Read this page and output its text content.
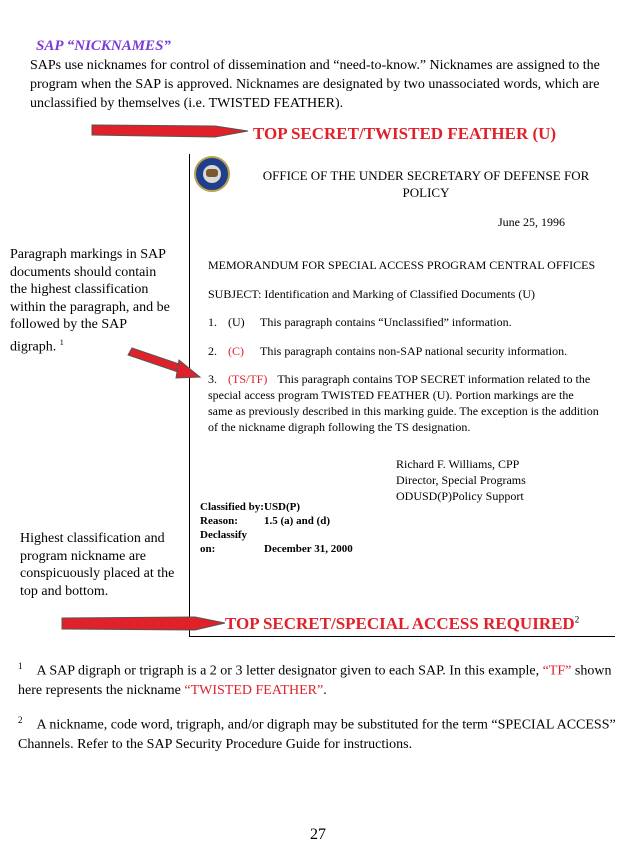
SAP “NICKNAMES”
SAPs use nicknames for control of dissemination and “need-to-know.” Nicknames are assigned to the program when the SAP is approved. Nicknames are designated by two unassociated words, which are unclassified by themselves (i.e. TWISTED FEATHER).
TOP SECRET/TWISTED FEATHER (U)
OFFICE OF THE UNDER SECRETARY OF DEFENSE FOR POLICY
June 25, 1996
MEMORANDUM FOR SPECIAL ACCESS PROGRAM CENTRAL OFFICES
SUBJECT: Identification and Marking of Classified Documents (U)
1. (U) This paragraph contains “Unclassified” information.
2. (C) This paragraph contains non-SAP national security information.
3. (TS/TF) This paragraph contains TOP SECRET information related to the special access program TWISTED FEATHER (U). Portion markings are the same as previously described in this marking guide. The exception is the addition of the nickname digraph following the TS designation.
Richard F. Williams, CPP
Director, Special Programs
ODUSD(P)Policy Support
Classified by:USD(P)
Reason: 1.5 (a) and (d)
Declassify on:	December 31, 2000
TOP SECRET/SPECIAL ACCESS REQUIRED$^2$
Paragraph markings in SAP documents should contain the highest classification within the paragraph, and be followed by the SAP digraph. $^1$
Highest classification and program nickname are conspicuously placed at the top and bottom.
$^1$ A SAP digraph or trigraph is a 2 or 3 letter designator given to each SAP. In this example, “TF” shown here represents the nickname “TWISTED FEATHER”.
$^2$ A nickname, code word, trigraph, and/or digraph may be substituted for the term “SPECIAL ACCESS” Channels. Refer to the SAP Security Procedure Guide for instructions.
27
